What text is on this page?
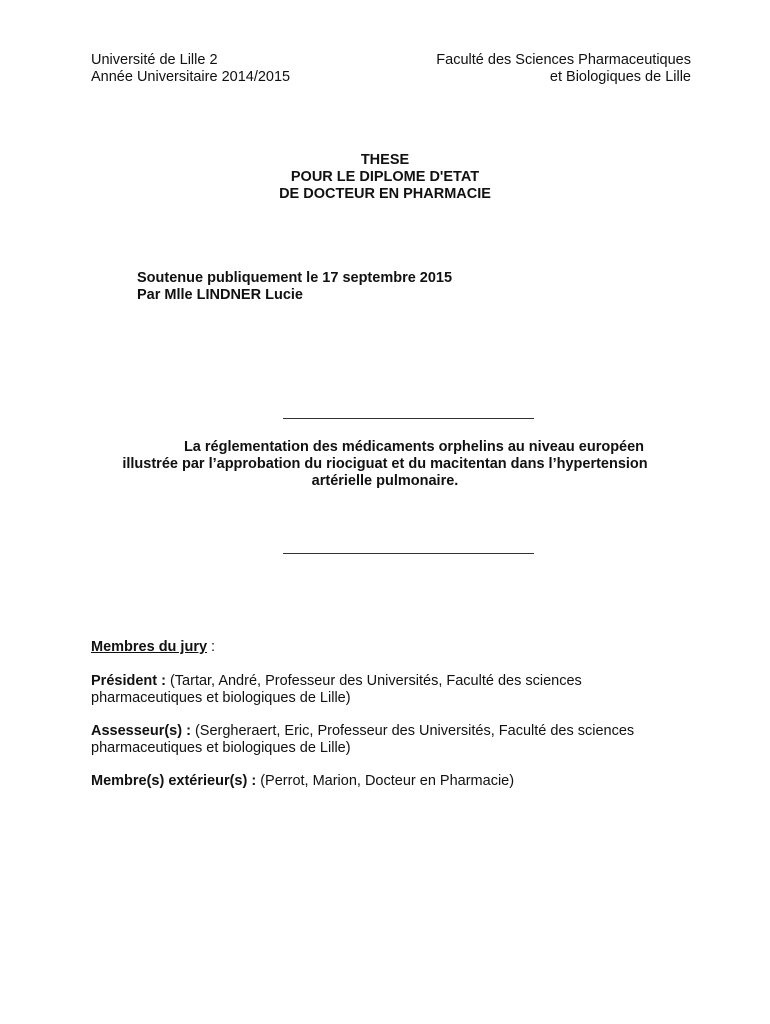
Université de Lille 2
Année Universitaire 2014/2015
Faculté des Sciences Pharmaceutiques
et Biologiques de Lille
THESE
POUR LE DIPLOME D'ETAT
DE DOCTEUR EN PHARMACIE
Soutenue publiquement le 17 septembre 2015
Par Mlle LINDNER Lucie
La réglementation des médicaments orphelins au niveau européen
illustrée par l’approbation du riociguat et du macitentan dans l’hypertension
artérielle pulmonaire.
Membres du jury :
Président : (Tartar, André, Professeur des Universités, Faculté des sciences
pharmaceutiques et biologiques de Lille)
Assesseur(s) : (Sergheraert, Eric, Professeur des Universités, Faculté des sciences
pharmaceutiques et biologiques de Lille)
Membre(s) extérieur(s) : (Perrot, Marion, Docteur en Pharmacie)
